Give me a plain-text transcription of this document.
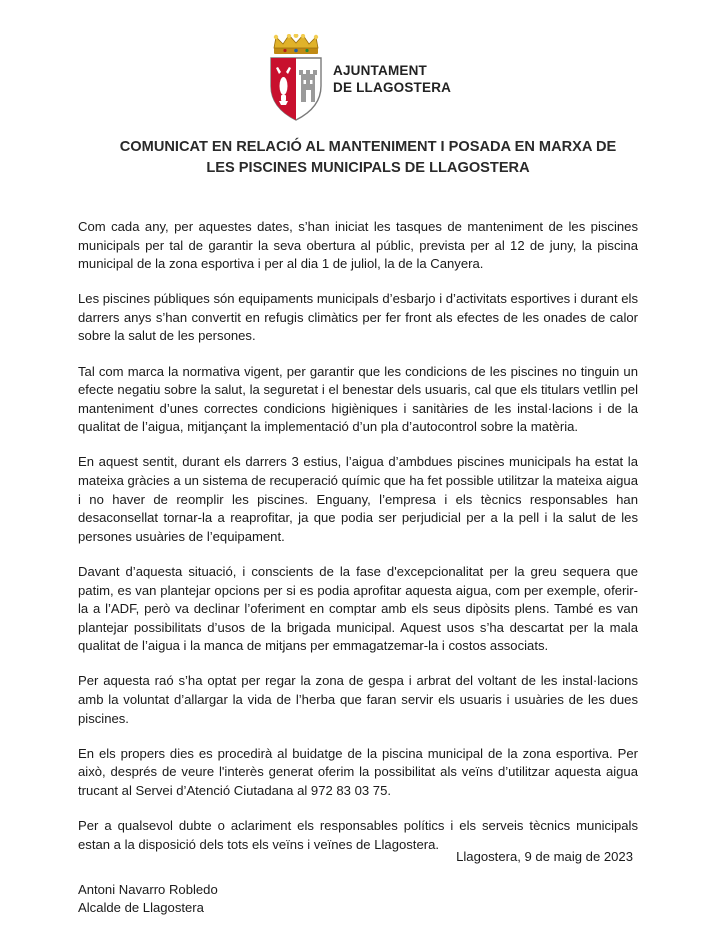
AJUNTAMENT
DE LLAGOSTERA
COMUNICAT EN RELACIÓ AL MANTENIMENT I POSADA EN MARXA DE
LES PISCINES MUNICIPALS DE LLAGOSTERA

Com cada any, per aquestes dates, s’han iniciat les tasques de manteniment de les piscines municipals per tal de garantir la seva obertura al públic, prevista per al 12 de juny, la piscina municipal de la zona esportiva i per al dia 1 de juliol, la de la Canyera.

Les piscines públiques són equipaments municipals d’esbarjo i d’activitats esportives i durant els darrers anys s’han convertit en refugis climàtics per fer front als efectes de les onades de calor sobre la salut de les persones.

Tal com marca la normativa vigent, per garantir que les condicions de les piscines no tinguin un efecte negatiu sobre la salut, la seguretat i el benestar dels usuaris, cal que els titulars vetllin pel manteniment d’unes correctes condicions higièniques i sanitàries de les instal·lacions i de la qualitat de l’aigua, mitjançant la implementació d’un pla d’autocontrol sobre la matèria.

En aquest sentit, durant els darrers 3 estius, l’aigua d’ambdues piscines municipals ha estat la mateixa gràcies a un sistema de recuperació químic que ha fet possible utilitzar la mateixa aigua i no haver de reomplir les piscines. Enguany, l’empresa i els tècnics responsables han desaconsellat tornar-la a reaprofitar, ja que podia ser perjudicial per a la pell i la salut de les persones usuàries de l’equipament.

Davant d’aquesta situació, i conscients de la fase d'excepcionalitat per la greu sequera que patim, es van plantejar opcions per si es podia aprofitar aquesta aigua, com per exemple, oferir-la a l’ADF, però va declinar l’oferiment en comptar amb els seus dipòsits plens. També es van plantejar possibilitats d’usos de la brigada municipal. Aquest usos s’ha descartat per la mala qualitat de l’aigua i la manca de mitjans per emmagatzemar-la i costos associats.

Per aquesta raó s’ha optat per regar la zona de gespa i arbrat del voltant de les instal·lacions amb la voluntat d’allargar la vida de l’herba que faran servir els usuaris i usuàries de les dues piscines.

En els propers dies es procedirà al buidatge de la piscina municipal de la zona esportiva. Per això, després de veure l'interès generat oferim la possibilitat als veïns d’utilitzar aquesta aigua trucant al Servei d’Atenció Ciutadana al 972 83 03 75.

Per a qualsevol dubte o aclariment els responsables polítics i els serveis tècnics municipals estan a la disposició dels tots els veïns i veïnes de Llagostera.

Llagostera, 9 de maig de 2023
Antoni Navarro Robledo
Alcalde de Llagostera
